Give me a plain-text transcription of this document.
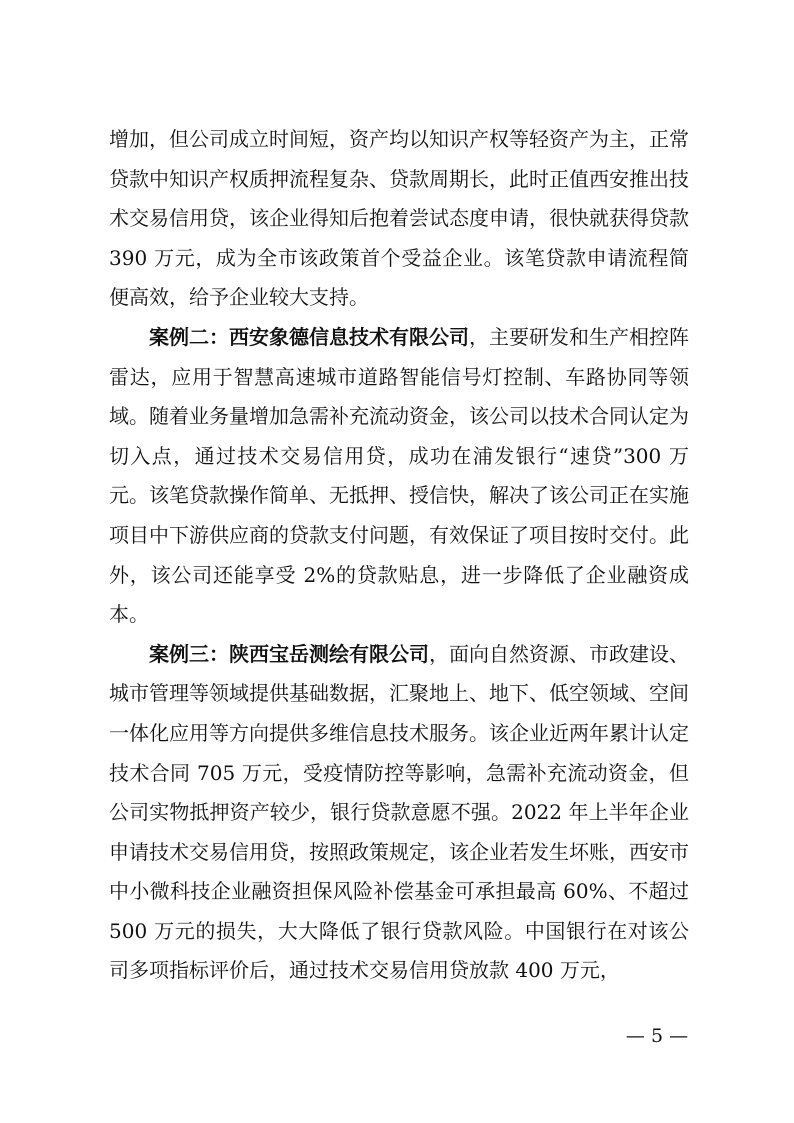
增加，但公司成立时间短，资产均以知识产权等轻资产为主，正常贷款中知识产权质押流程复杂、贷款周期长，此时正值西安推出技术交易信用贷，该企业得知后抱着尝试态度申请，很快就获得贷款 390 万元，成为全市该政策首个受益企业。该笔贷款申请流程简便高效，给予企业较大支持。

案例二：西安象德信息技术有限公司，主要研发和生产相控阵雷达，应用于智慧高速城市道路智能信号灯控制、车路协同等领域。随着业务量增加急需补充流动资金，该公司以技术合同认定为切入点，通过技术交易信用贷，成功在浦发银行“速贷”300 万元。该笔贷款操作简单、无抵押、授信快，解决了该公司正在实施项目中下游供应商的贷款支付问题，有效保证了项目按时交付。此外，该公司还能享受 2%的贷款贴息，进一步降低了企业融资成本。

案例三：陕西宝岳测绘有限公司，面向自然资源、市政建设、城市管理等领域提供基础数据，汇聚地上、地下、低空领域、空间一体化应用等方向提供多维信息技术服务。该企业近两年累计认定技术合同 705 万元，受疫情防控等影响，急需补充流动资金，但公司实物抵押资产较少，银行贷款意愿不强。2022 年上半年企业申请技术交易信用贷，按照政策规定，该企业若发生坏账，西安市中小微科技企业融资担保风险补偿基金可承担最高 60%、不超过 500 万元的损失，大大降低了银行贷款风险。中国银行在对该公司多项指标评价后，通过技术交易信用贷放款 400 万元，

— 5 —
